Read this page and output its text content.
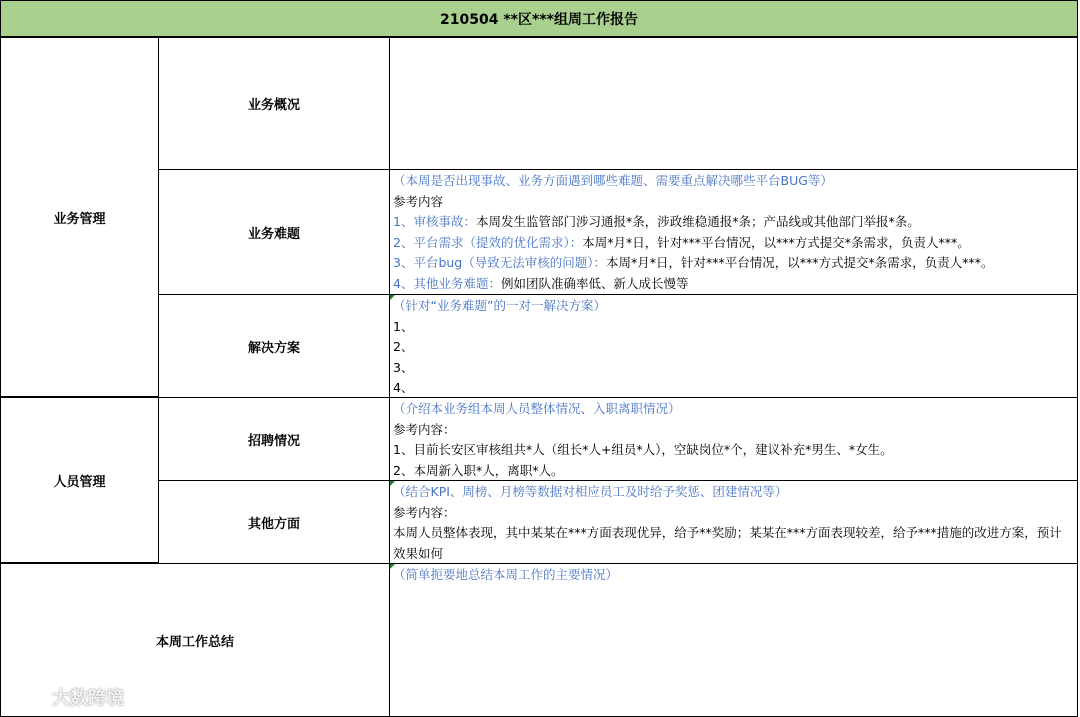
210504 **区***组周工作报告
业务管理
人员管理
业务概况
业务难题
解决方案
招聘情况
其他方面
本周工作总结
（本周是否出现事故、业务方面遇到哪些难题、需要重点解决哪些平台BUG等）
参考内容
1、审核事故：本周发生监管部门涉习通报*条，涉政维稳通报*条；产品线或其他部门举报*条。
2、平台需求（提效的优化需求）：本周*月*日，针对***平台情况，以***方式提交*条需求，负责人***。
3、平台bug（导致无法审核的问题）：本周*月*日，针对***平台情况，以***方式提交*条需求，负责人***。
4、其他业务难题：例如团队准确率低、新人成长慢等
（针对“业务难题”的一对一解决方案）
1、
2、
3、
4、
（介绍本业务组本周人员整体情况、入职离职情况）
参考内容：
1、目前长安区审核组共*人（组长*人+组员*人），空缺岗位*个，建议补充*男生、*女生。
2、本周新入职*人，离职*人。
（结合KPI、周榜、月榜等数据对相应员工及时给予奖惩、团建情况等）
参考内容：
本周人员整体表现，其中某某在***方面表现优异，给予**奖励；某某在***方面表现较差，给予***措施的改进方案，预计效果如何
（简单扼要地总结本周工作的主要情况）
大数跨境
